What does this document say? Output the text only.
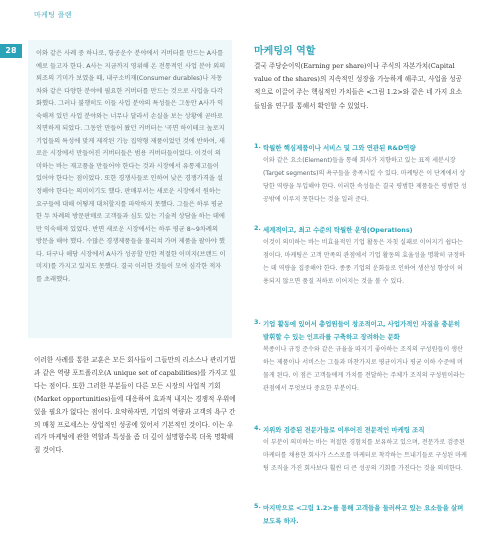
마케팅 플랜
28	이와 같은 사례 중 하나로, 항공운수 분야에서 커버터를 만드는 A사를 예로 들고자 한다. A사는 지금까지 영위해 온 전통적인 사업 분야 외의 퇴조의 기미가 보였을 때, 내구소비재(Consumer durables)나 자동차와 같은 다양한 분야에 필요한 커버터를 만드는 것으로 사업을 다각화했다. 그러나 불행히도 이들 사업 분야의 특성들은 그동안 A사가 익숙해져 있던 사업 분야와는 너무나 달라서 손실을 보는 상황에 곧바로 직면하게 되었다. 그동안 만들어 왔던 커버터는 '곡면 하이테크 높로지 기업들의 특성에 맞게 제작된 기능 집약형 제품이었던 것에 반하여, 새로운 시장에서 만들어진 커버터들은 범용 커버터들이었다. 이것이 의미하는 바는 재고품을 만들어야 한다는 것과 시장에서 유통제고들이 있어야 한다는 점이었다. 또한 경쟁사들로 인하여 낮은 경쟁가격을 설정해야 한다는 의미이기도 했다. 판매부서는 새로운 시장에서 원하는 요구들에 대해 어떻게 대처할지를 파악하지 못했다. 그들은 하루 평균 한 두 차례의 방문판매로 고객들과 심도 있는 기술적 상담을 하는 데에만 익숙해져 있었다. 반면 새로운 시장에서는 하루 평균 8~9차례의 방문을 해야 했다. 수많은 경쟁제품들을 물리쳐 가며 제품을 팔아야 했다. 더구나 해당 시장에서 A사가 성공할 만한 적절한 이미지(브랜드 이미지)를 가지고 있지도 못했다. 결국 이러한 것들이 모여 심각한 적자를 초래했다.

이러한 사례를 통한 교훈은 모든 회사들이 그들만의 리소스나 관리기법과 같은 역량 포트폴리오(A unique set of capabilities)를 가지고 있다는 점이다. 또한 그러한 부분들이 다른 모든 시장의 사업적 기회(Market opportunities)들에 대응하여 효과적 내지는 경쟁적 우위에 있을 필요가 없다는 점이다. 요약하자면, 기업의 역량과 고객의 욕구 간의 매칭 프로세스는 상업적인 성공에 있어서 기본적인 것이다. 이는 우리가 마케팅에 관한 역할과 특성을 좀 더 깊이 설명함수록 더욱 명확해질 것이다.

마케팅의 역할

결국 주당순이익(Earning per share)이나 주식의 자본가치(Capital value of the shares)의 지속적인 성장을 가능하게 해주고, 사업을 성공적으로 이끌어 주는 핵심적인 가치들은 <그림 1.2>와 같은 네 가지 요소들임을 연구를 통해서 확인할 수 있었다.

1. 탁월한 핵심제품이나 서비스 및 그와 연관된 R&D역량

이와 같은 요소(Element)들을 통해 회사가 지향하고 있는 표적 세분시장(Target segments)의 욕구들을 충족시킬 수 있다. 마케팅은 이 단계에서 상당한 역량을 투입해야 한다. 이러한 속성들은 결국 평범한 제품들은 평범한 성공밖에 이루지 못한다는 것을 일러 준다.

2. 세계적이고, 최고 수준의 탁월한 운영(Operations)

이것이 의미하는 바는 비효율적인 기업 활동은 자칫 실패로 이어지기 쉽다는 점이다. 마케팅은 고객 만족의 관점에서 기업 활동의 효율성을 명확히 규정하는 데 역량을 집중해야 한다. 종종 기업의 운화들로 인하여 생산성 향상이 허용되지 않으면 품질 저하로 이어지는 것을 볼 수 있다.

3. 기업 활동에 있어서 총업원들이 창조적이고, 사업가적인 자질을 충분히 발휘할 수 있는 인프라를 구축하고 장려하는 문화

복종이나 규정 준수와 같은 규율을 따지기 좋아하는 조직의 구성원들이 생산하는 제품이나 서비스는 그들과 마찬가지로 평균이거나 평균 이하 수준에 머물게 된다. 이 점은 고객들에게 가치를 전달하는 주체가 조직의 구성원이라는 관점에서 무엇보다 중요한 부분이다.

4. 지위와 검증된 전문가들로 이루어진 전문적인 마케팅 조직

이 부분이 의미하는 바는 적절한 경험치를 보유하고 있으며, 전문가로 검증된 마케터를 채용한 회사가 스스로를 마케터로 착각하는 트내기들로 구성된 마케팅 조직을 가진 회사보다 훨씬 더 큰 성공의 기회를 가진다는 것을 의미한다.

5. 마지막으로 <그림 1.2>를 통해 고객들을 둘러싸고 있는 요소들을 살펴보도록 하자.
